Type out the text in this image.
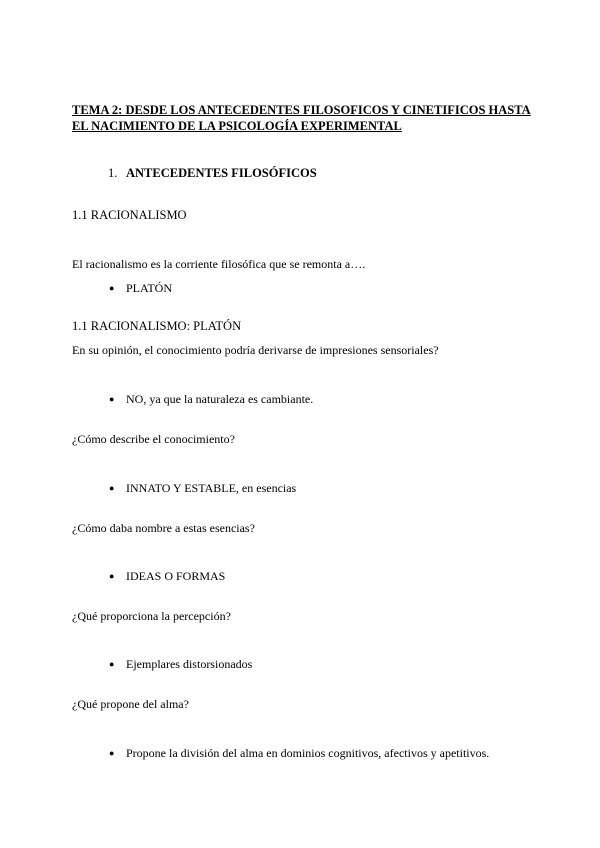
TEMA 2: DESDE LOS ANTECEDENTES FILOSOFICOS Y CINETIFICOS HASTA
EL NACIMIENTO DE LA PSICOLOGÍA EXPERIMENTAL
1. ANTECEDENTES FILOSÓFICOS
1.1 RACIONALISMO
El racionalismo es la corriente filosófica que se remonta a….
● PLATÓN
1.1 RACIONALISMO: PLATÓN
En su opinión, el conocimiento podría derivarse de impresiones sensoriales?
● NO, ya que la naturaleza es cambiante.
¿Cómo describe el conocimiento?
● INNATO Y ESTABLE, en esencias
¿Cómo daba nombre a estas esencias?
● IDEAS O FORMAS
¿Qué proporciona la percepción?
● Ejemplares distorsionados
¿Qué propone del alma?
● Propone la división del alma en dominios cognitivos, afectivos y apetitivos.
